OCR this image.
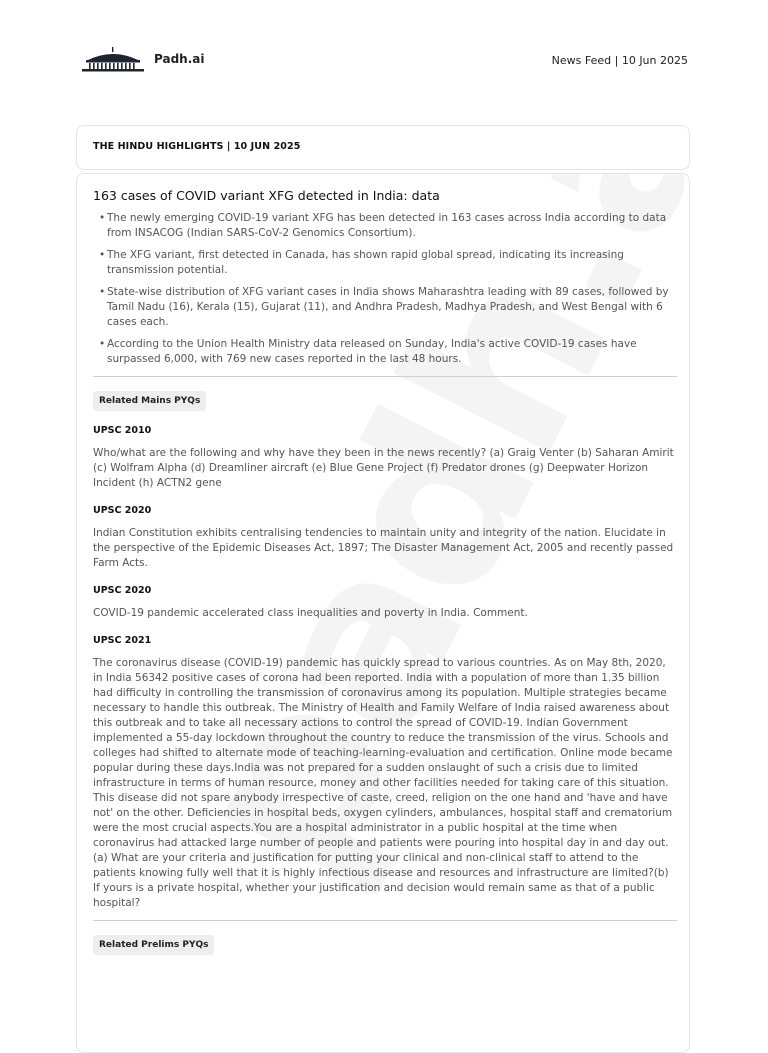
Padh.ai	News Feed | 10 Jun 2025
THE HINDU HIGHLIGHTS | 10 JUN 2025
163 cases of COVID variant XFG detected in India: data
• The newly emerging COVID-19 variant XFG has been detected in 163 cases across India according to data from INSACOG (Indian SARS-CoV-2 Genomics Consortium).
• The XFG variant, first detected in Canada, has shown rapid global spread, indicating its increasing transmission potential.
• State-wise distribution of XFG variant cases in India shows Maharashtra leading with 89 cases, followed by Tamil Nadu (16), Kerala (15), Gujarat (11), and Andhra Pradesh, Madhya Pradesh, and West Bengal with 6 cases each.
• According to the Union Health Ministry data released on Sunday, India's active COVID-19 cases have surpassed 6,000, with 769 new cases reported in the last 48 hours.
Related Mains PYQs
UPSC 2010
Who/what are the following and why have they been in the news recently? (a) Graig Venter (b) Saharan Amirit (c) Wolfram Alpha (d) Dreamliner aircraft (e) Blue Gene Project (f) Predator drones (g) Deepwater Horizon Incident (h) ACTN2 gene
UPSC 2020
Indian Constitution exhibits centralising tendencies to maintain unity and integrity of the nation. Elucidate in the perspective of the Epidemic Diseases Act, 1897; The Disaster Management Act, 2005 and recently passed Farm Acts.
UPSC 2020
COVID-19 pandemic accelerated class inequalities and poverty in India. Comment.
UPSC 2021
The coronavirus disease (COVID-19) pandemic has quickly spread to various countries. As on May 8th, 2020, in India 56342 positive cases of corona had been reported. India with a population of more than 1.35 billion had difficulty in controlling the transmission of coronavirus among its population. Multiple strategies became necessary to handle this outbreak. The Ministry of Health and Family Welfare of India raised awareness about this outbreak and to take all necessary actions to control the spread of COVID-19. Indian Government implemented a 55-day lockdown throughout the country to reduce the transmission of the virus. Schools and colleges had shifted to alternate mode of teaching-learning-evaluation and certification. Online mode became popular during these days.India was not prepared for a sudden onslaught of such a crisis due to limited infrastructure in terms of human resource, money and other facilities needed for taking care of this situation. This disease did not spare anybody irrespective of caste, creed, religion on the one hand and 'have and have not' on the other. Deficiencies in hospital beds, oxygen cylinders, ambulances, hospital staff and crematorium were the most crucial aspects.You are a hospital administrator in a public hospital at the time when coronavirus had attacked large number of people and patients were pouring into hospital day in and day out.(a) What are your criteria and justification for putting your clinical and non-clinical staff to attend to the patients knowing fully well that it is highly infectious disease and resources and infrastructure are limited?(b) If yours is a private hospital, whether your justification and decision would remain same as that of a public hospital?
Related Prelims PYQs
